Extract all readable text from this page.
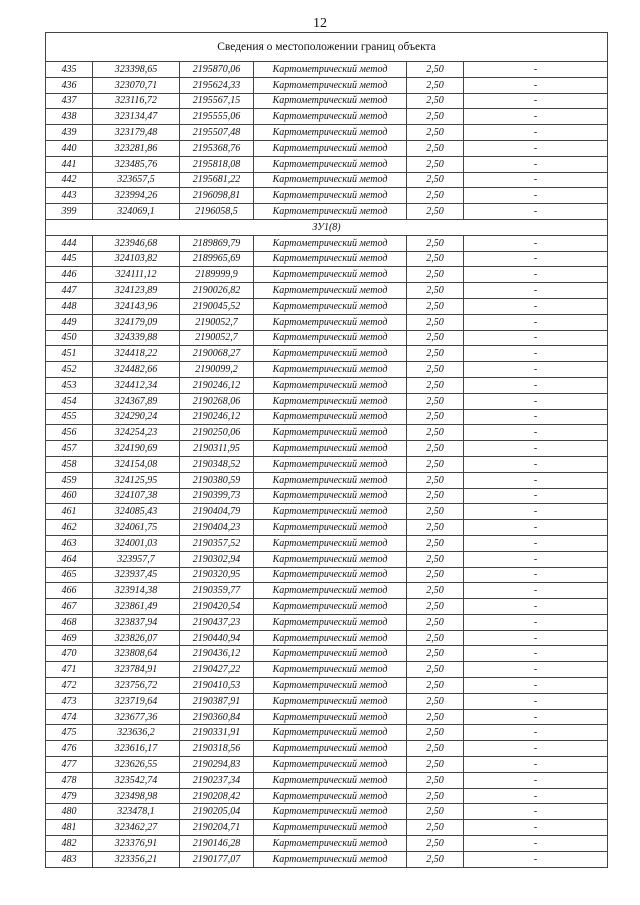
12
Сведения о местоположении границ объекта					
435	323398,65	2195870,06	Картометрический метод	2,50	-
436	323070,71	2195624,33	Картометрический метод	2,50	-
437	323116,72	2195567,15	Картометрический метод	2,50	-
438	323134,47	2195555,06	Картометрический метод	2,50	-
439	323179,48	2195507,48	Картометрический метод	2,50	-
440	323281,86	2195368,76	Картометрический метод	2,50	-
441	323485,76	2195818,08	Картометрический метод	2,50	-
442	323657,5	2195681,22	Картометрический метод	2,50	-
443	323994,26	2196098,81	Картометрический метод	2,50	-
399	324069,1	2196058,5	Картометрический метод	2,50	-
ЗУ1(8)					
444	323946,68	2189869,79	Картометрический метод	2,50	-
445	324103,82	2189965,69	Картометрический метод	2,50	-
446	324111,12	2189999,9	Картометрический метод	2,50	-
447	324123,89	2190026,82	Картометрический метод	2,50	-
448	324143,96	2190045,52	Картометрический метод	2,50	-
449	324179,09	2190052,7	Картометрический метод	2,50	-
450	324339,88	2190052,7	Картометрический метод	2,50	-
451	324418,22	2190068,27	Картометрический метод	2,50	-
452	324482,66	2190099,2	Картометрический метод	2,50	-
453	324412,34	2190246,12	Картометрический метод	2,50	-
454	324367,89	2190268,06	Картометрический метод	2,50	-
455	324290,24	2190246,12	Картометрический метод	2,50	-
456	324254,23	2190250,06	Картометрический метод	2,50	-
457	324190,69	2190311,95	Картометрический метод	2,50	-
458	324154,08	2190348,52	Картометрический метод	2,50	-
459	324125,95	2190380,59	Картометрический метод	2,50	-
460	324107,38	2190399,73	Картометрический метод	2,50	-
461	324085,43	2190404,79	Картометрический метод	2,50	-
462	324061,75	2190404,23	Картометрический метод	2,50	-
463	324001,03	2190357,52	Картометрический метод	2,50	-
464	323957,7	2190302,94	Картометрический метод	2,50	-
465	323937,45	2190320,95	Картометрический метод	2,50	-
466	323914,38	2190359,77	Картометрический метод	2,50	-
467	323861,49	2190420,54	Картометрический метод	2,50	-
468	323837,94	2190437,23	Картометрический метод	2,50	-
469	323826,07	2190440,94	Картометрический метод	2,50	-
470	323808,64	2190436,12	Картометрический метод	2,50	-
471	323784,91	2190427,22	Картометрический метод	2,50	-
472	323756,72	2190410,53	Картометрический метод	2,50	-
473	323719,64	2190387,91	Картометрический метод	2,50	-
474	323677,36	2190360,84	Картометрический метод	2,50	-
475	323636,2	2190331,91	Картометрический метод	2,50	-
476	323616,17	2190318,56	Картометрический метод	2,50	-
477	323626,55	2190294,83	Картометрический метод	2,50	-
478	323542,74	2190237,34	Картометрический метод	2,50	-
479	323498,98	2190208,42	Картометрический метод	2,50	-
480	323478,1	2190205,04	Картометрический метод	2,50	-
481	323462,27	2190204,71	Картометрический метод	2,50	-
482	323376,91	2190146,28	Картометрический метод	2,50	-
483	323356,21	2190177,07	Картометрический метод	2,50	-
